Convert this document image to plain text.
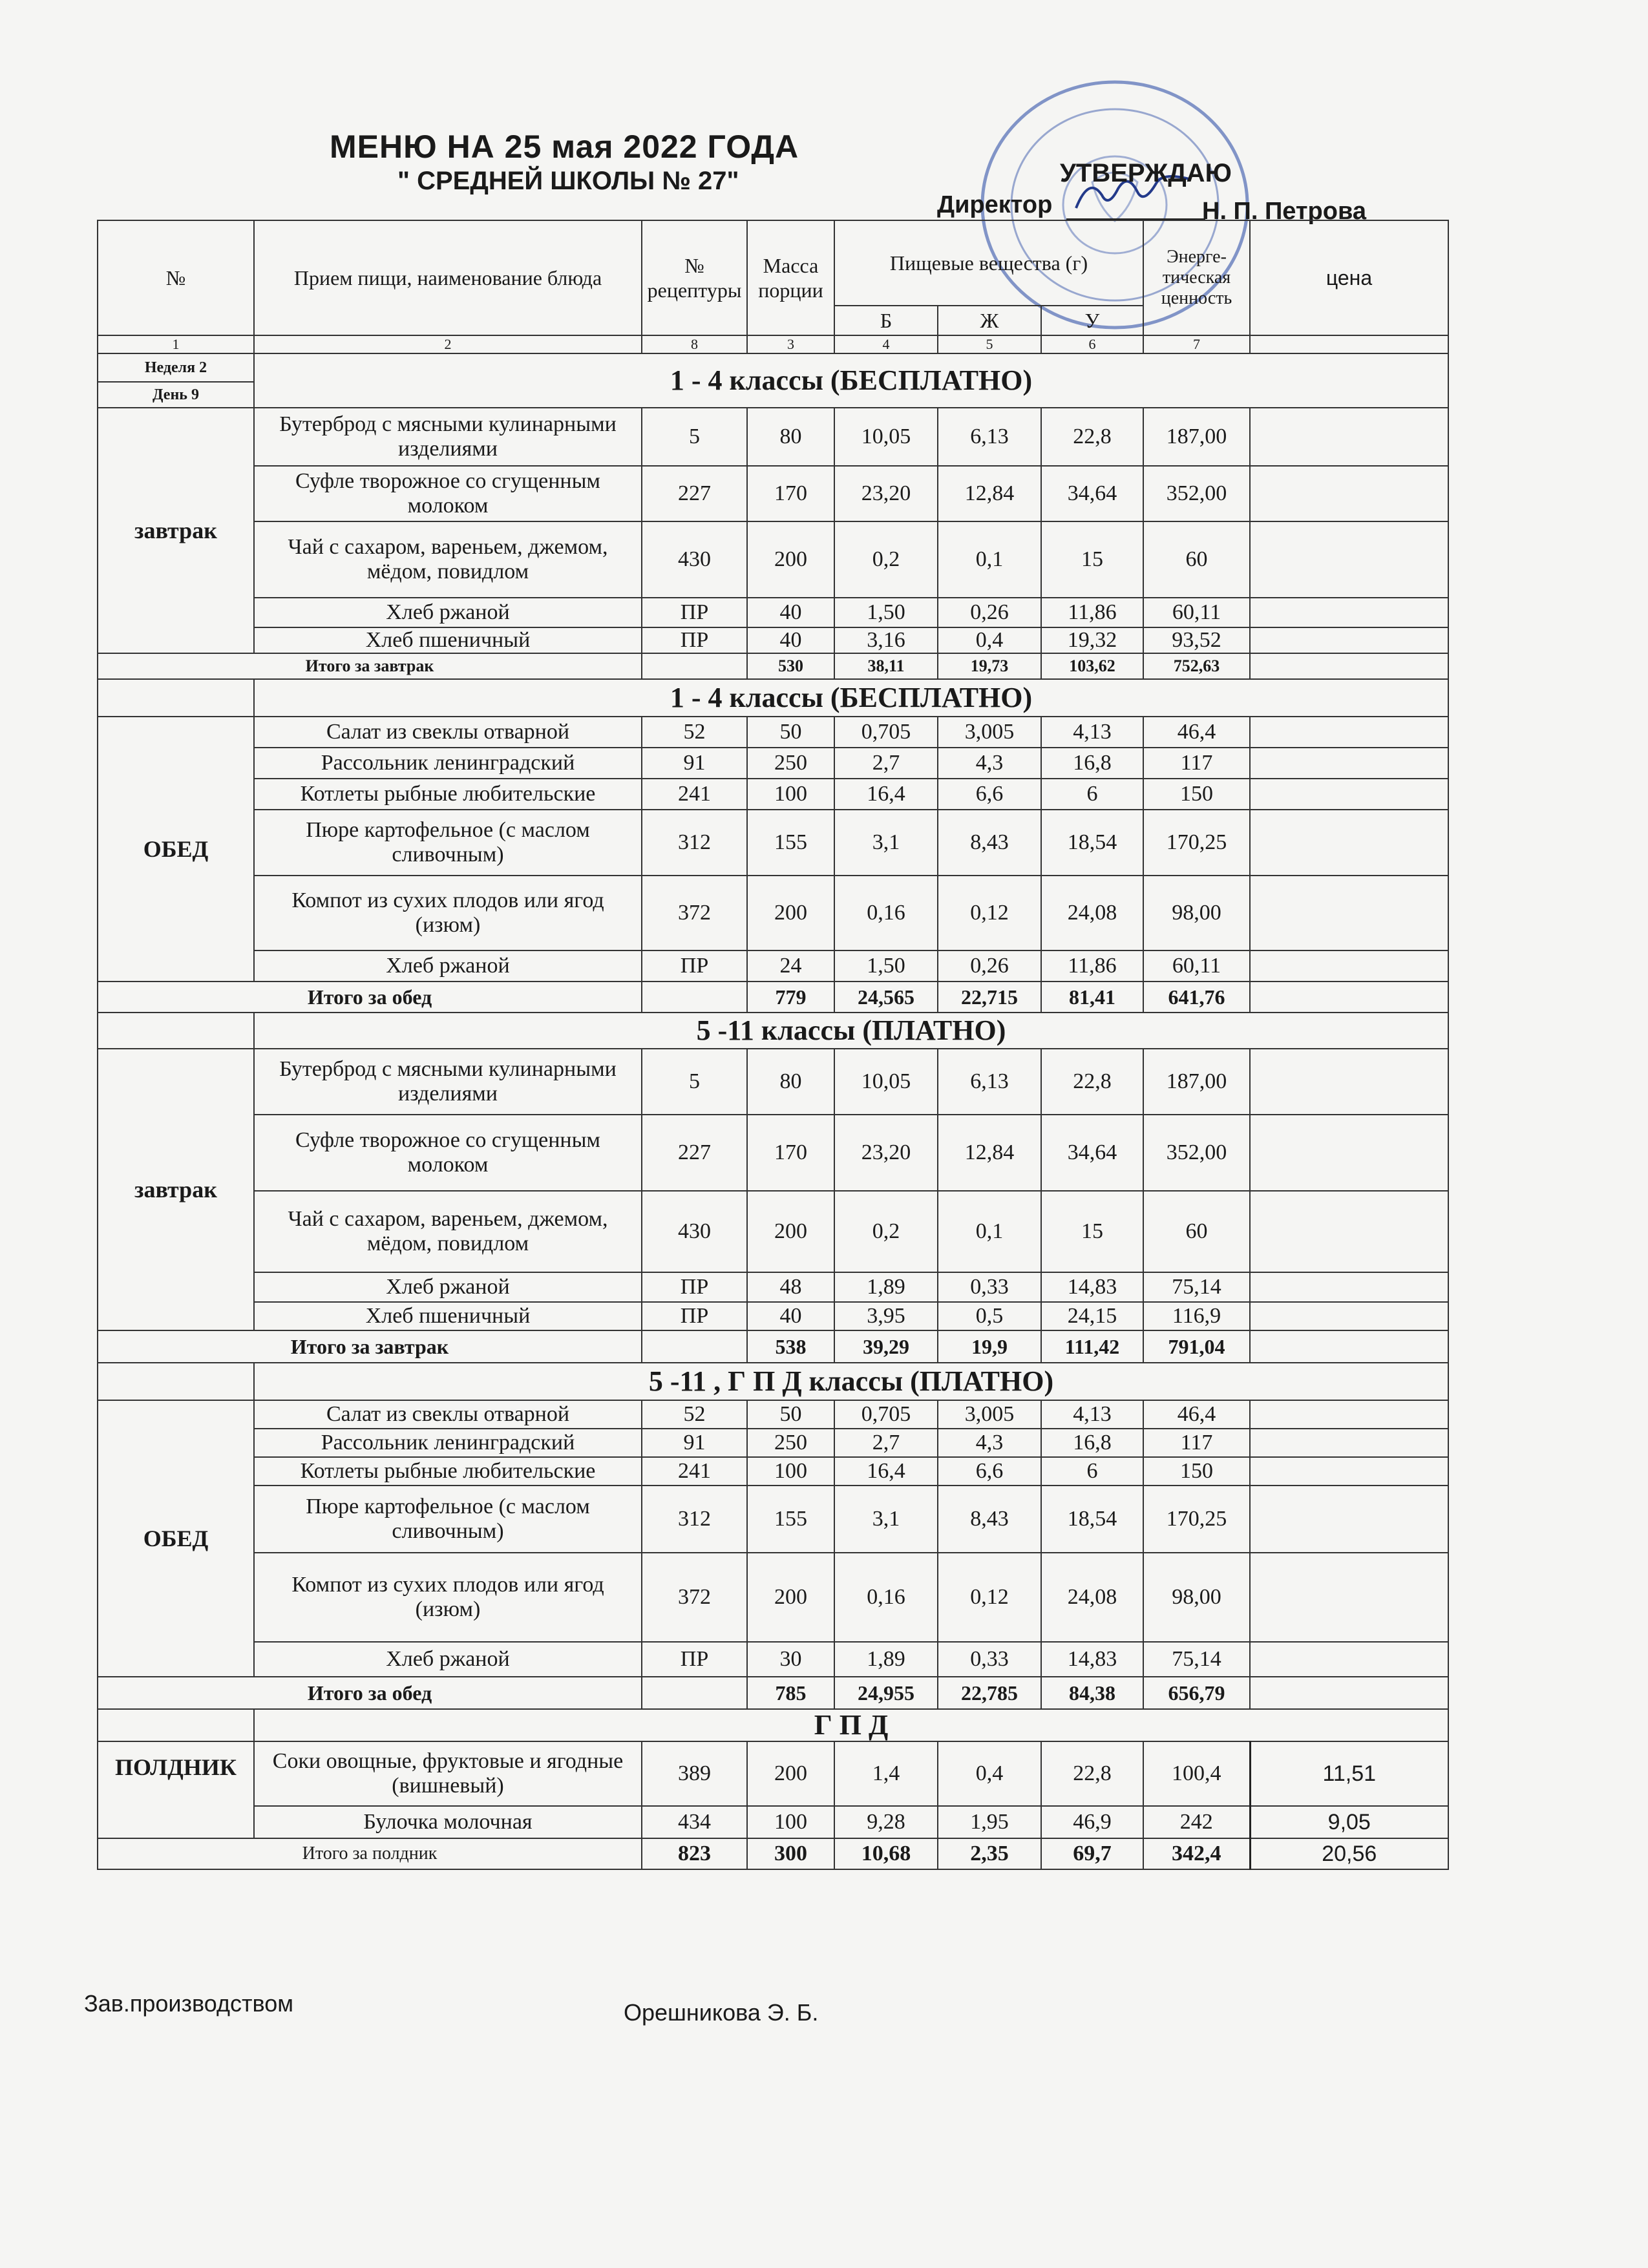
МЕНЮ НА 25 мая 2022 ГОДА
" СРЕДНЕЙ ШКОЛЫ № 27"	УТВЕРЖДАЮ
Директор	Н. П. Петрова
№	Прием пищи, наименование блюда	№ рецептуры	Масса порции	Пищевые вещества (г)			Энерге-тическая ценность	цена
				Б	Ж	У		
1	2	8	3	4	5	6	7	
Неделя 2	1 - 4 классы (БЕСПЛАТНО)							
День 9								
завтрак	Бутерброд с мясными кулинарными изделиями	5	80	10,05	6,13	22,8	187,00	
	Суфле творожное со сгущенным молоком	227	170	23,20	12,84	34,64	352,00	
	Чай с сахаром, вареньем, джемом, мёдом, повидлом	430	200	0,2	0,1	15	60	
	Хлеб ржаной	ПР	40	1,50	0,26	11,86	60,11	
	Хлеб пшеничный	ПР	40	3,16	0,4	19,32	93,52	
Итого за завтрак			530	38,11	19,73	103,62	752,63	
	1 - 4 классы (БЕСПЛАТНО)							
ОБЕД	Салат из свеклы отварной	52	50	0,705	3,005	4,13	46,4	
	Рассольник ленинградский	91	250	2,7	4,3	16,8	117	
	Котлеты рыбные любительские	241	100	16,4	6,6	6	150	
	Пюре картофельное (с маслом сливочным)	312	155	3,1	8,43	18,54	170,25	
	Компот из сухих плодов или ягод (изюм)	372	200	0,16	0,12	24,08	98,00	
	Хлеб ржаной	ПР	24	1,50	0,26	11,86	60,11	
Итого за обед			779	24,565	22,715	81,41	641,76	
	5 -11 классы (ПЛАТНО)							
завтрак	Бутерброд с мясными кулинарными изделиями	5	80	10,05	6,13	22,8	187,00	
	Суфле творожное со сгущенным молоком	227	170	23,20	12,84	34,64	352,00	
	Чай с сахаром, вареньем, джемом, мёдом, повидлом	430	200	0,2	0,1	15	60	
	Хлеб ржаной	ПР	48	1,89	0,33	14,83	75,14	
	Хлеб пшеничный	ПР	40	3,95	0,5	24,15	116,9	
Итого за завтрак			538	39,29	19,9	111,42	791,04	
	5 -11 , Г П Д классы (ПЛАТНО)							
ОБЕД	Салат из свеклы отварной	52	50	0,705	3,005	4,13	46,4	
	Рассольник ленинградский	91	250	2,7	4,3	16,8	117	
	Котлеты рыбные любительские	241	100	16,4	6,6	6	150	
	Пюре картофельное (с маслом сливочным)	312	155	3,1	8,43	18,54	170,25	
	Компот из сухих плодов или ягод (изюм)	372	200	0,16	0,12	24,08	98,00	
	Хлеб ржаной	ПР	30	1,89	0,33	14,83	75,14	
Итого за обед			785	24,955	22,785	84,38	656,79	
	Г П Д							
ПОЛДНИК	Соки овощные, фруктовые и ягодные (вишневый)	389	200	1,4	0,4	22,8	100,4	11,51
	Булочка молочная	434	100	9,28	1,95	46,9	242	9,05
Итого за полдник		823	300	10,68	2,35	69,7	342,4	20,56
Зав.производством	Орешникова Э. Б.
